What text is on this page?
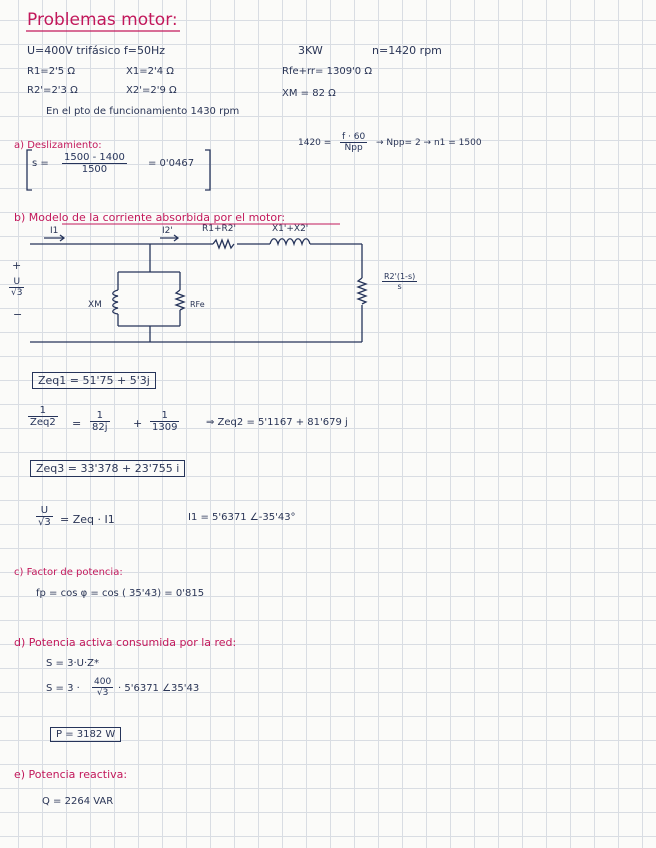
Problemas motor:
U=400V trifásico f=50Hz	3KW	n=1420 rpm
R1=2'5 Ω	X1=2'4 Ω	Rfe+rr= 1309'0 Ω
R2'=2'3 Ω	X2'=2'9 Ω	XM = 82 Ω
En el pto de funcionamiento 1430 rpm
a) Deslizamiento:	1420 =
f · 60
Npp	→ Npp= 2 → n1 = 1500
$s = \frac{1500 - 1400}{1500} = 0'0467$
b) Modelo de la corriente absorbida por el motor:
I1	I2'	R1+R2'	X1'+X2'
+
$\frac{U}{√3}$
−
XM	RFe
$\frac{R2'(1-s)}{s}$
Zeq1 = 51'75 + 5'3j
1
$Zeq2 = \frac{1}{82j} + \frac{1}{1309}$	⇒ Zeq2 = 5'1167 + 81'679 j
Zeq3 = 33'378 + 23'755 i
$\frac{U}{√3}$ = Zeq · I1	I1 = 5'6371 ∠-35'43°
c) Factor de potencia:
fp = cos φ = cos ( 35'43) = 0'815
d) Potencia activa consumida por la red:
S = 3·U·Z*
$S = 3 \cdot \frac{400}{√3} \cdot 5'6371$ ∠35'43
P = 3182 W
e) Potencia reactiva:
Q = 2264 VAR
